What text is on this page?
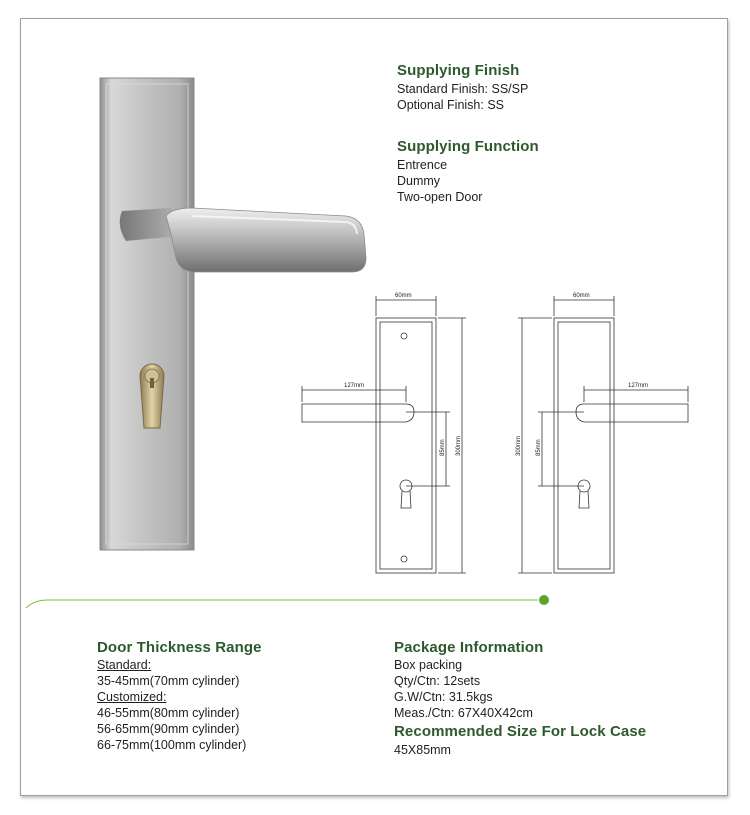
Supplying Finish
Standard Finish: SS/SP
Optional Finish: SS
Supplying Function
Entrence
Dummy
Two-open Door
60mm
127mm
85mm 300mm
60mm
127mm
85mm
300mm
Door Thickness Range
Standard:
35-45mm(70mm cylinder)
Customized:
46-55mm(80mm cylinder)
56-65mm(90mm cylinder)
66-75mm(100mm cylinder)
Package Information
Box packing
Qty/Ctn: 12sets
G.W/Ctn: 31.5kgs
Meas./Ctn: 67X40X42cm
Recommended Size For Lock Case
45X85mm
